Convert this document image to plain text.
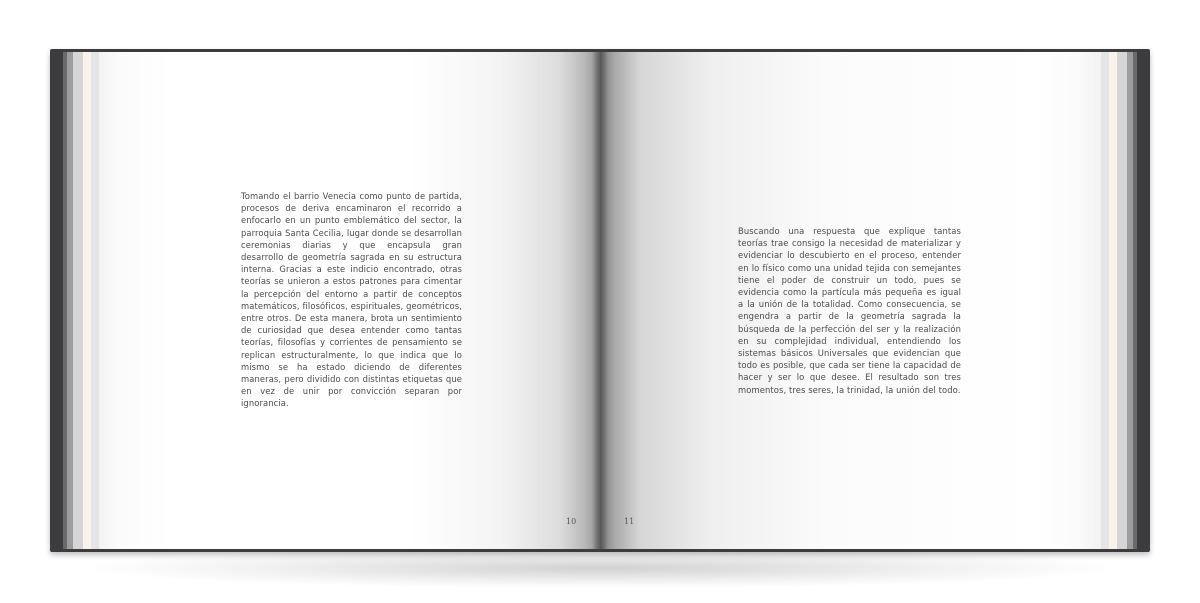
Tomando el barrio Venecia como punto de partida, procesos de deriva encaminaron el recorrido a enfocarlo en un punto emblemático del sector, la parroquia Santa Cecilia, lugar donde se desarrollan ceremonias diarias y que encapsula gran desarrollo de geometría sagrada en su estructura interna. Gracias a este indicio encontrado, otras teorías se unieron a estos patrones para cimentar la percepción del entorno a partir de conceptos matemáticos, filosóficos, espirituales, geométricos, entre otros. De esta manera, brota un sentimiento de curiosidad que desea entender como tantas teorías, filosofías y corrientes de pensamiento se replican estructuralmente, lo que indica que lo mismo se ha estado diciendo de diferentes maneras, pero dividido con distintas etiquetas que en vez de unir por convicción separan por ignorancia.

10

Buscando una respuesta que explique tantas teorías trae consigo la necesidad de materializar y evidenciar lo descubierto en el proceso, entender en lo físico como una unidad tejida con semejantes tiene el poder de construir un todo, pues se evidencia como la partícula más pequeña es igual a la unión de la totalidad. Como consecuencia, se engendra a partir de la geometría sagrada la búsqueda de la perfección del ser y la realización en su complejidad individual, entendiendo los sistemas básicos Universales que evidencian que todo es posible, que cada ser tiene la capacidad de hacer y ser lo que desee. El resultado son tres momentos, tres seres, la trinidad, la unión del todo.

11
